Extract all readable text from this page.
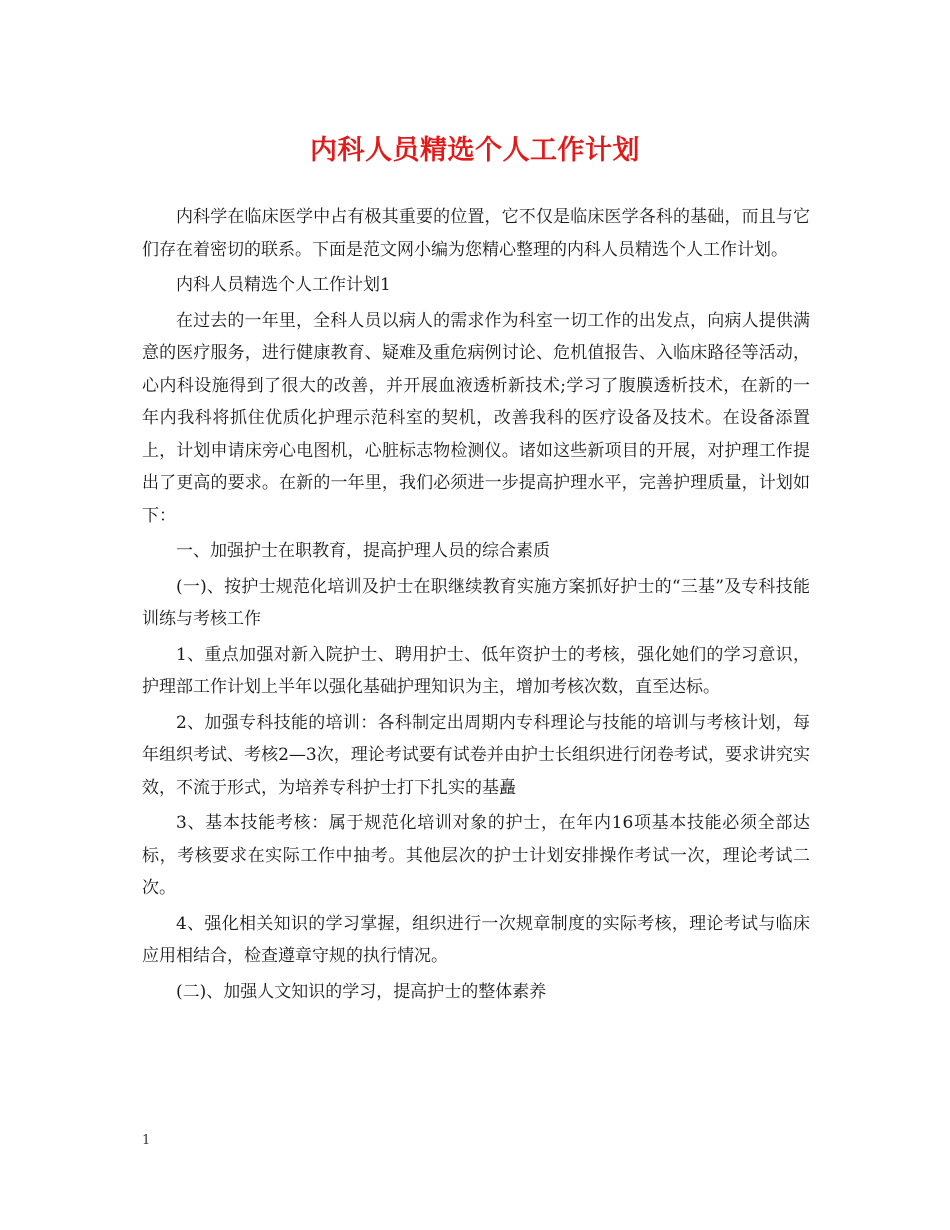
内科人员精选个人工作计划

内科学在临床医学中占有极其重要的位置，它不仅是临床医学各科的基础，而且与它们存在着密切的联系。下面是范文网小编为您精心整理的内科人员精选个人工作计划。

内科人员精选个人工作计划1

在过去的一年里，全科人员以病人的需求作为科室一切工作的出发点，向病人提供满意的医疗服务，进行健康教育、疑难及重危病例讨论、危机值报告、入临床路径等活动，心内科设施得到了很大的改善，并开展血液透析新技术;学习了腹膜透析技术，在新的一年内我科将抓住优质化护理示范科室的契机，改善我科的医疗设备及技术。在设备添置上，计划申请床旁心电图机，心脏标志物检测仪。诸如这些新项目的开展，对护理工作提出了更高的要求。在新的一年里，我们必须进一步提高护理水平，完善护理质量，计划如下：

一、加强护士在职教育，提高护理人员的综合素质

(一)、按护士规范化培训及护士在职继续教育实施方案抓好护士的“三基”及专科技能训练与考核工作

1、重点加强对新入院护士、聘用护士、低年资护士的考核，强化她们的学习意识，护理部工作计划上半年以强化基础护理知识为主，增加考核次数，直至达标。

2、加强专科技能的培训：各科制定出周期内专科理论与技能的培训与考核计划，每年组织考试、考核2—3次，理论考试要有试卷并由护士长组织进行闭卷考试，要求讲究实效，不流于形式，为培养专科护士打下扎实的基矗

3、基本技能考核：属于规范化培训对象的护士，在年内16项基本技能必须全部达标，考核要求在实际工作中抽考。其他层次的护士计划安排操作考试一次，理论考试二次。

4、强化相关知识的学习掌握，组织进行一次规章制度的实际考核，理论考试与临床应用相结合，检查遵章守规的执行情况。

(二)、加强人文知识的学习，提高护士的整体素养

1
